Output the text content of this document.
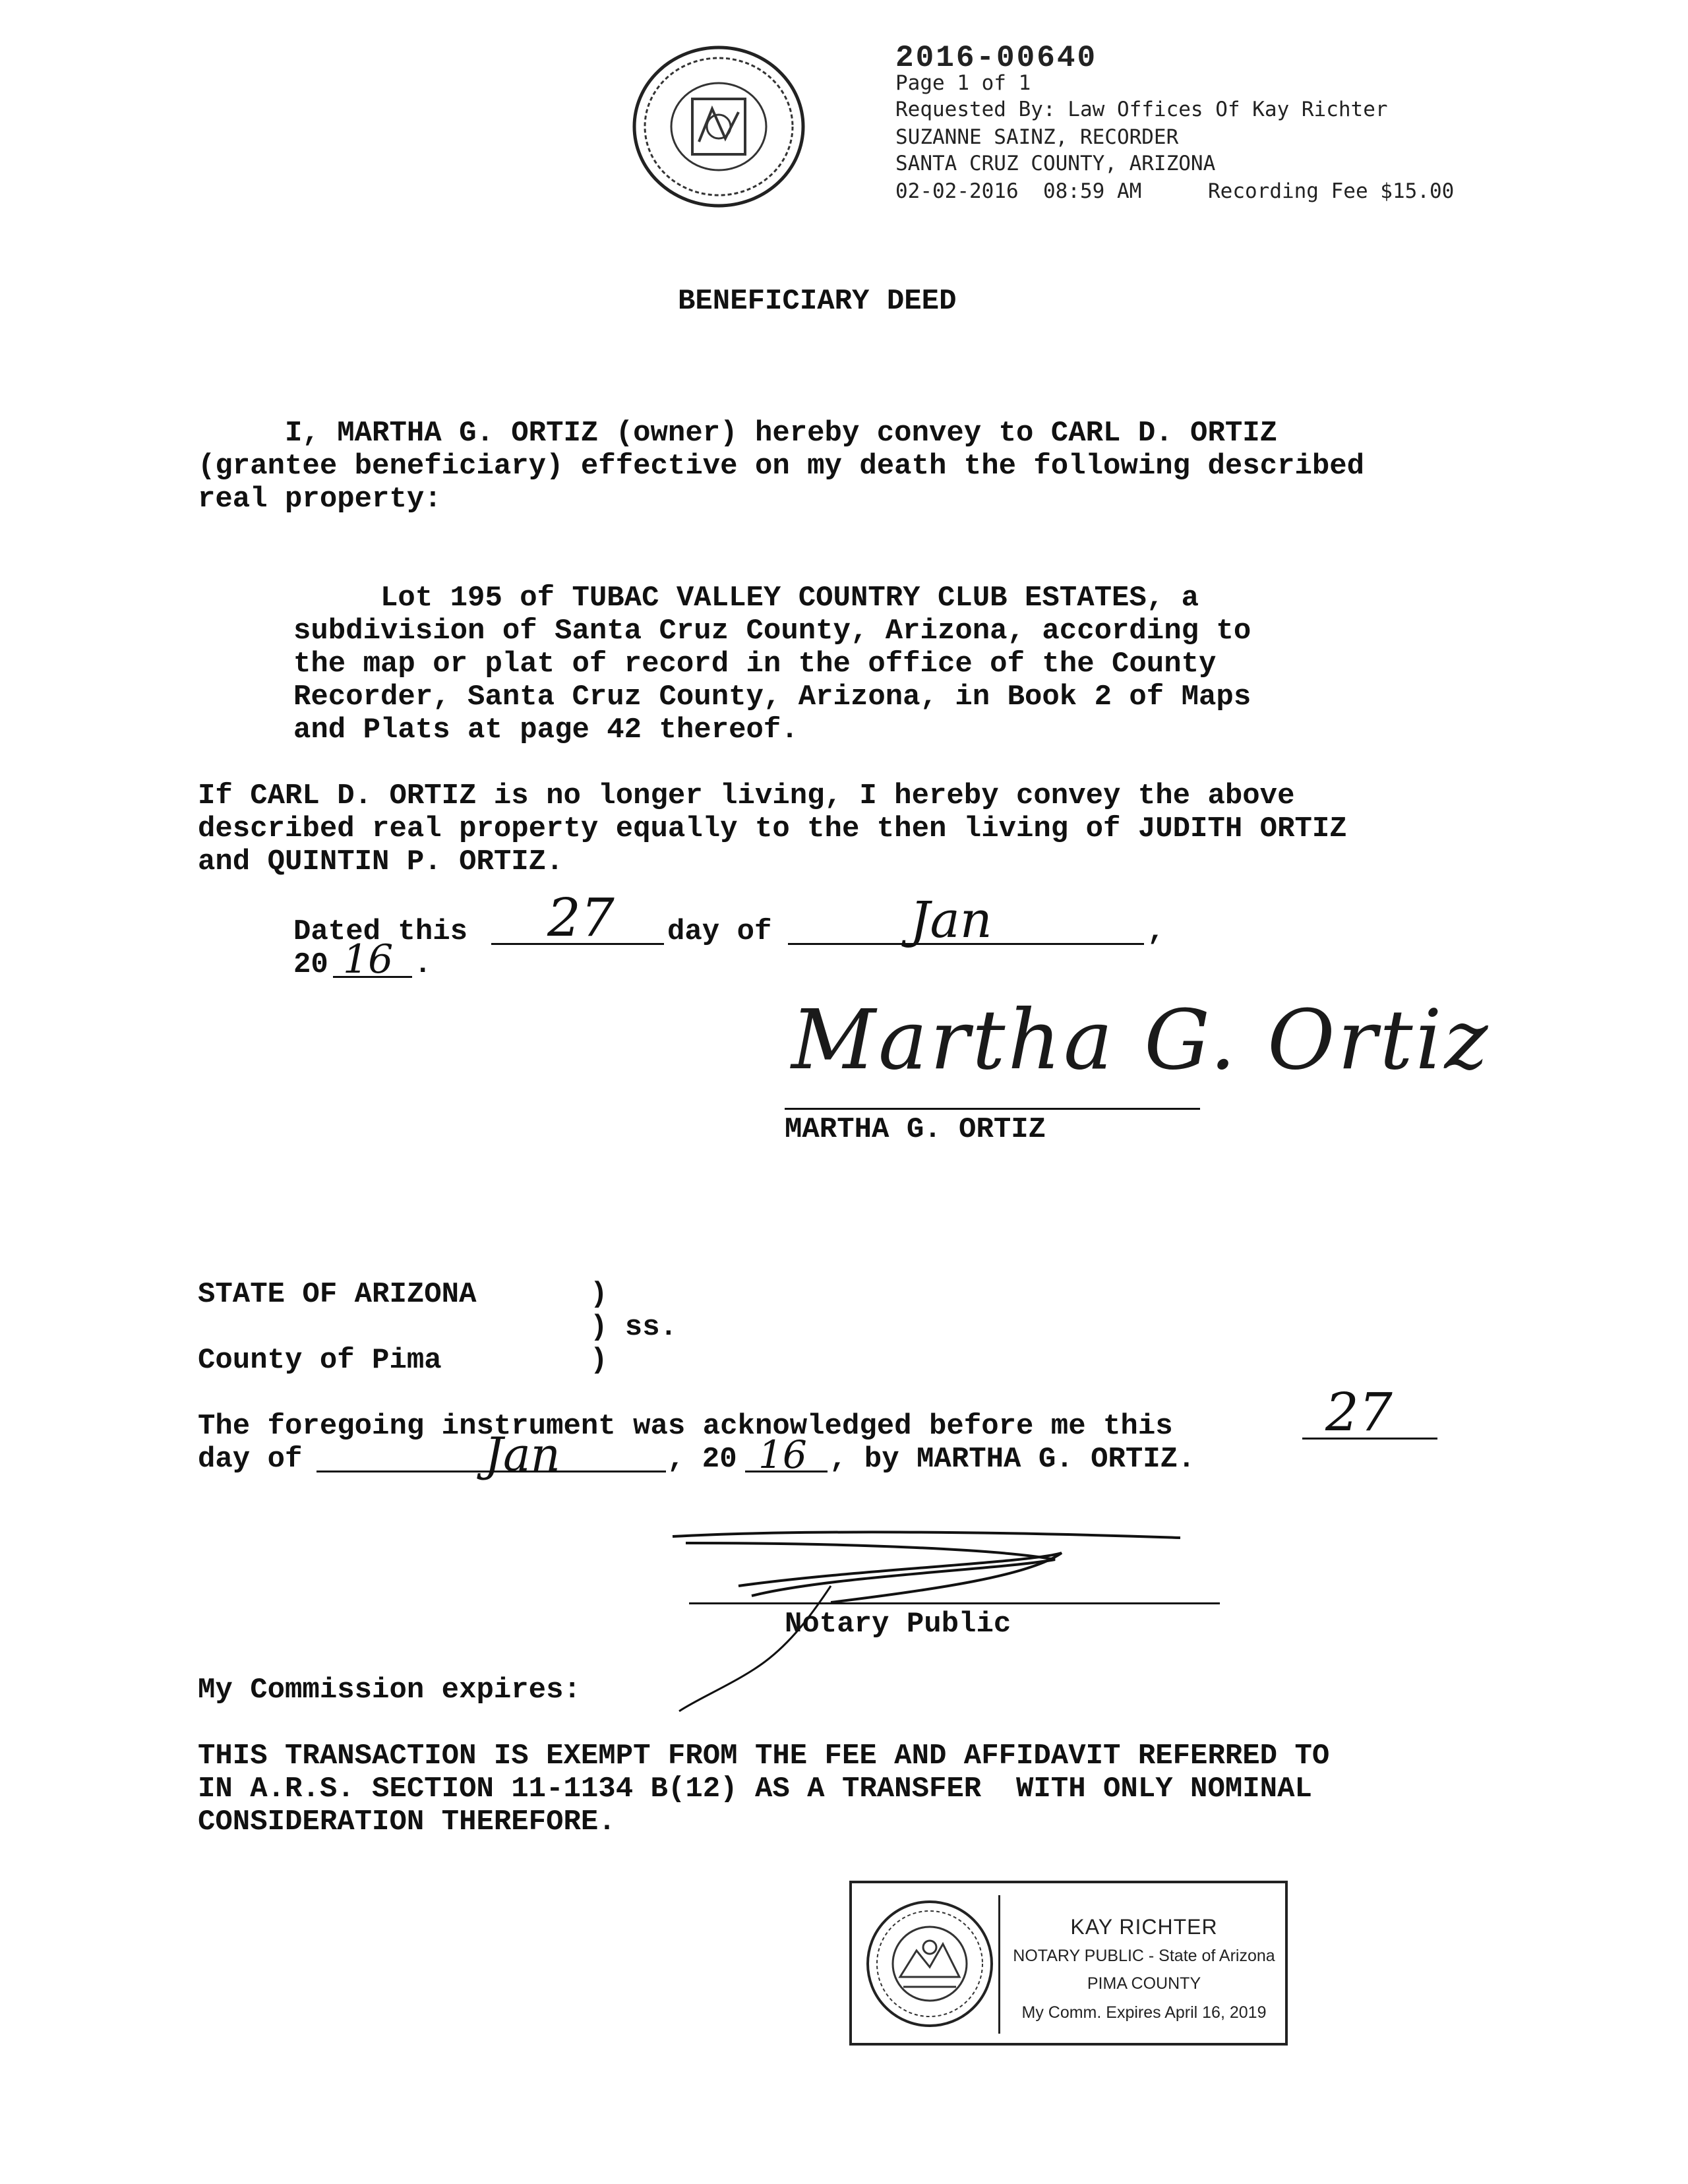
2016-00640
Page 1 of 1
Requested By: Law Offices Of Kay Richter
SUZANNE SAINZ, RECORDER
SANTA CRUZ COUNTY, ARIZONA
02-02-2016  08:59 AM	Recording Fee $15.00
BENEFICIARY DEED
I, MARTHA G. ORTIZ (owner) hereby convey to CARL D. ORTIZ
(grantee beneficiary) effective on my death the following described
real property:
Lot 195 of TUBAC VALLEY COUNTRY CLUB ESTATES, a
subdivision of Santa Cruz County, Arizona, according to
the map or plat of record in the office of the County
Recorder, Santa Cruz County, Arizona, in Book 2 of Maps
and Plats at page 42 thereof.
If CARL D. ORTIZ is no longer living, I hereby convey the above
described real property equally to the then living of JUDITH ORTIZ
and QUINTIN P. ORTIZ.
Dated this 27 day of	Jan	,
20 16 .
Martha G. Ortiz
MARTHA G. ORTIZ
STATE OF ARIZONA	)
) ss.
County of Pima	)
The foregoing instrument was acknowledged before me this	27
day of	Jan	, 20 16 , by MARTHA G. ORTIZ.
Notary Public
My Commission expires:
THIS TRANSACTION IS EXEMPT FROM THE FEE AND AFFIDAVIT REFERRED TO
IN A.R.S. SECTION 11-1134 B(12) AS A TRANSFER  WITH ONLY NOMINAL
CONSIDERATION THEREFORE.
KAY RICHTER
NOTARY PUBLIC - State of Arizona
PIMA COUNTY
My Comm. Expires April 16, 2019
